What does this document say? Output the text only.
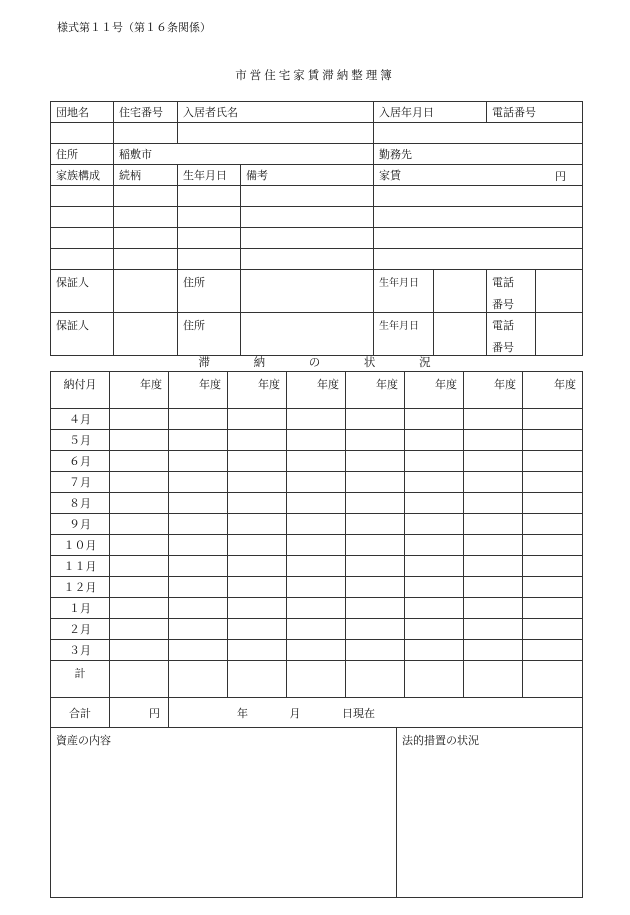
様式第１１号（第１６条関係）
市営住宅家賃滞納整理簿
団地名	住宅番号	入居者氏名		入居年月日		電話番号	

住所	稲敷市			勤務先			
家族構成	続柄	生年月日	備考	家賃 円			

保証人		住所		生年月日		電話
番号	

保証人		住所		生年月日		電話
番号	

滞	納	の	状	況
納付月	年度	年度	年度	年度	年度	年度	年度	年度
４月								
５月								
６月								
７月								
８月								
９月								
１０月								
１１月								
１２月								
１月								
２月								
３月								
計								
合計	円	年 月 日現在						
資産の内容	法的措置の状況
